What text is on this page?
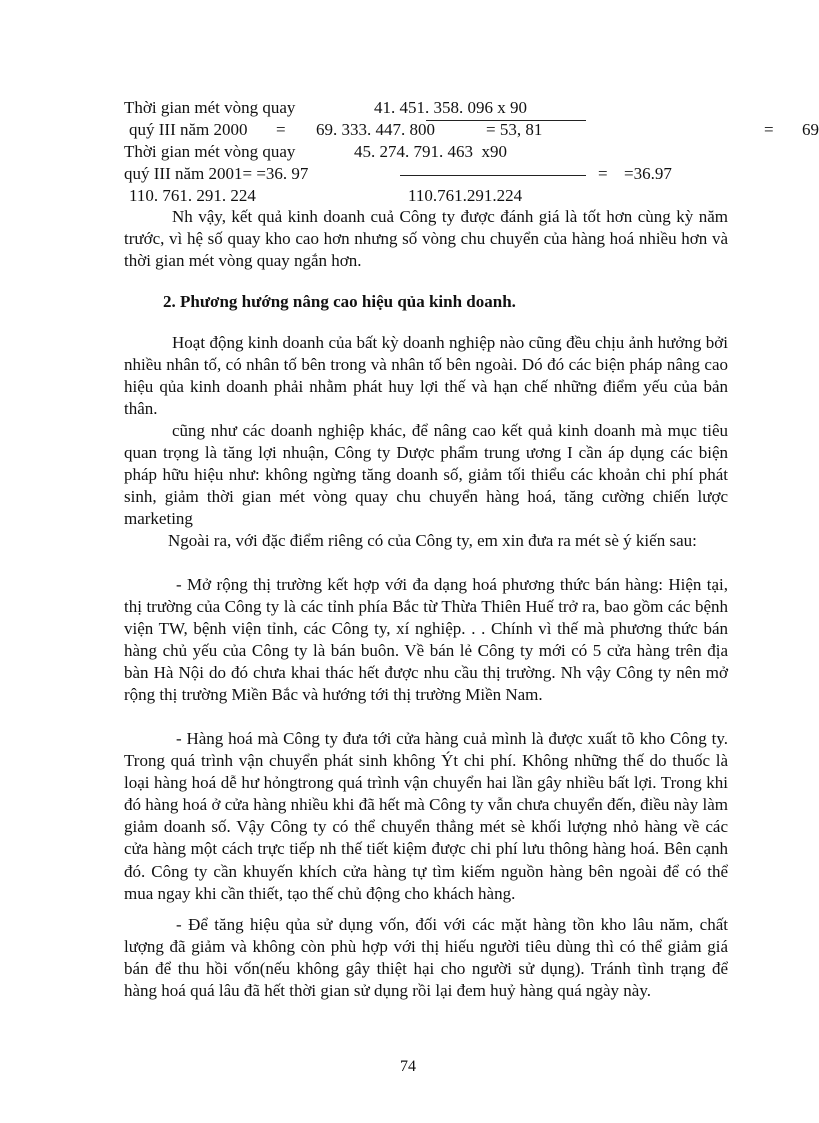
Thời gian mét vòng quay	41. 451. 358. 096 x 90
quý III năm 2000 = 69. 333. 447. 800	= 53, 81	= 69
Thời gian mét vòng quay	45. 274. 791. 463  x90
quý III năm 2001= =36. 97	= =36.97
110. 761. 291. 224	110.761.291.224

Nh vậy, kết quả kinh doanh cuả Công ty được đánh giá là tốt hơn cùng kỳ năm trước, vì hệ số quay kho cao hơn nhưng số vòng chu chuyển của hàng hoá nhiều hơn và thời gian mét vòng quay ngắn hơn.

2. Phương hướng nâng cao hiệu qủa kinh doanh.

Hoạt động kinh doanh của bất kỳ doanh nghiệp nào cũng đều chịu ảnh hưởng bởi nhiều nhân tố, có nhân tố bên trong và nhân tố bên ngoài. Dó đó các biện pháp nâng cao hiệu qủa kinh doanh phải nhằm phát huy lợi thế và hạn chế những điểm yếu của bản thân.

cũng như các doanh nghiệp khác, để nâng cao kết quả kinh doanh mà mục tiêu quan trọng là tăng lợi nhuận, Công ty Dược phẩm trung ương I cần áp dụng các biện pháp hữu hiệu như: không ngừng tăng doanh số, giảm tối thiểu các khoản chi phí phát sinh, giảm thời gian mét vòng quay chu chuyển hàng hoá, tăng cường chiến lược marketing

Ngoài ra, với đặc điểm riêng có của Công ty, em xin đưa ra mét sè ý kiến sau:

- Mở rộng thị trường kết hợp với đa dạng hoá phương thức bán hàng: Hiện tại, thị trường của Công ty là các tỉnh phía Bắc từ Thừa Thiên Huế trở ra, bao gồm các bệnh viện TW, bệnh viện tỉnh, các Công ty, xí nghiệp. . . Chính vì thế mà phương thức bán hàng chủ yếu của Công ty là bán buôn. Về bán lẻ Công ty mới có 5 cửa hàng trên địa bàn Hà Nội do đó chưa khai thác hết được nhu cầu thị trường. Nh vậy Công ty nên mở rộng thị trường Miền Bắc và hướng tới thị trường Miền Nam.

- Hàng hoá mà Công ty đưa tới cửa hàng cuả mình là được xuất tõ kho Công ty. Trong quá trình vận chuyển phát sinh không Ýt chi phí. Không những thế do thuốc là loại hàng hoá dễ hư hỏngtrong quá trình vận chuyển hai lần gây nhiều bất lợi. Trong khi đó hàng hoá ở cửa hàng nhiều khi đã hết mà Công ty vẫn chưa chuyển đến, điều này làm giảm doanh số. Vậy Công ty có thể chuyển thẳng mét sè khối lượng nhỏ hàng về các cửa hàng một cách trực tiếp nh thế tiết kiệm được chi phí lưu thông hàng hoá. Bên cạnh đó. Công ty cần khuyến khích cửa hàng tự tìm kiếm nguồn hàng bên ngoài để có thể mua ngay khi cần thiết, tạo thế chủ động cho khách hàng.

- Để tăng hiệu qủa sử dụng vốn, đối với các mặt hàng tồn kho lâu năm, chất lượng đã giảm và không còn phù hợp với thị hiếu người tiêu dùng thì có thể giảm giá bán để thu hồi vốn(nếu không gây thiệt hại cho người sử dụng). Tránh tình trạng để hàng hoá quá lâu đã hết thời gian sử dụng rồi lại đem huỷ hàng quá ngày này.

74
